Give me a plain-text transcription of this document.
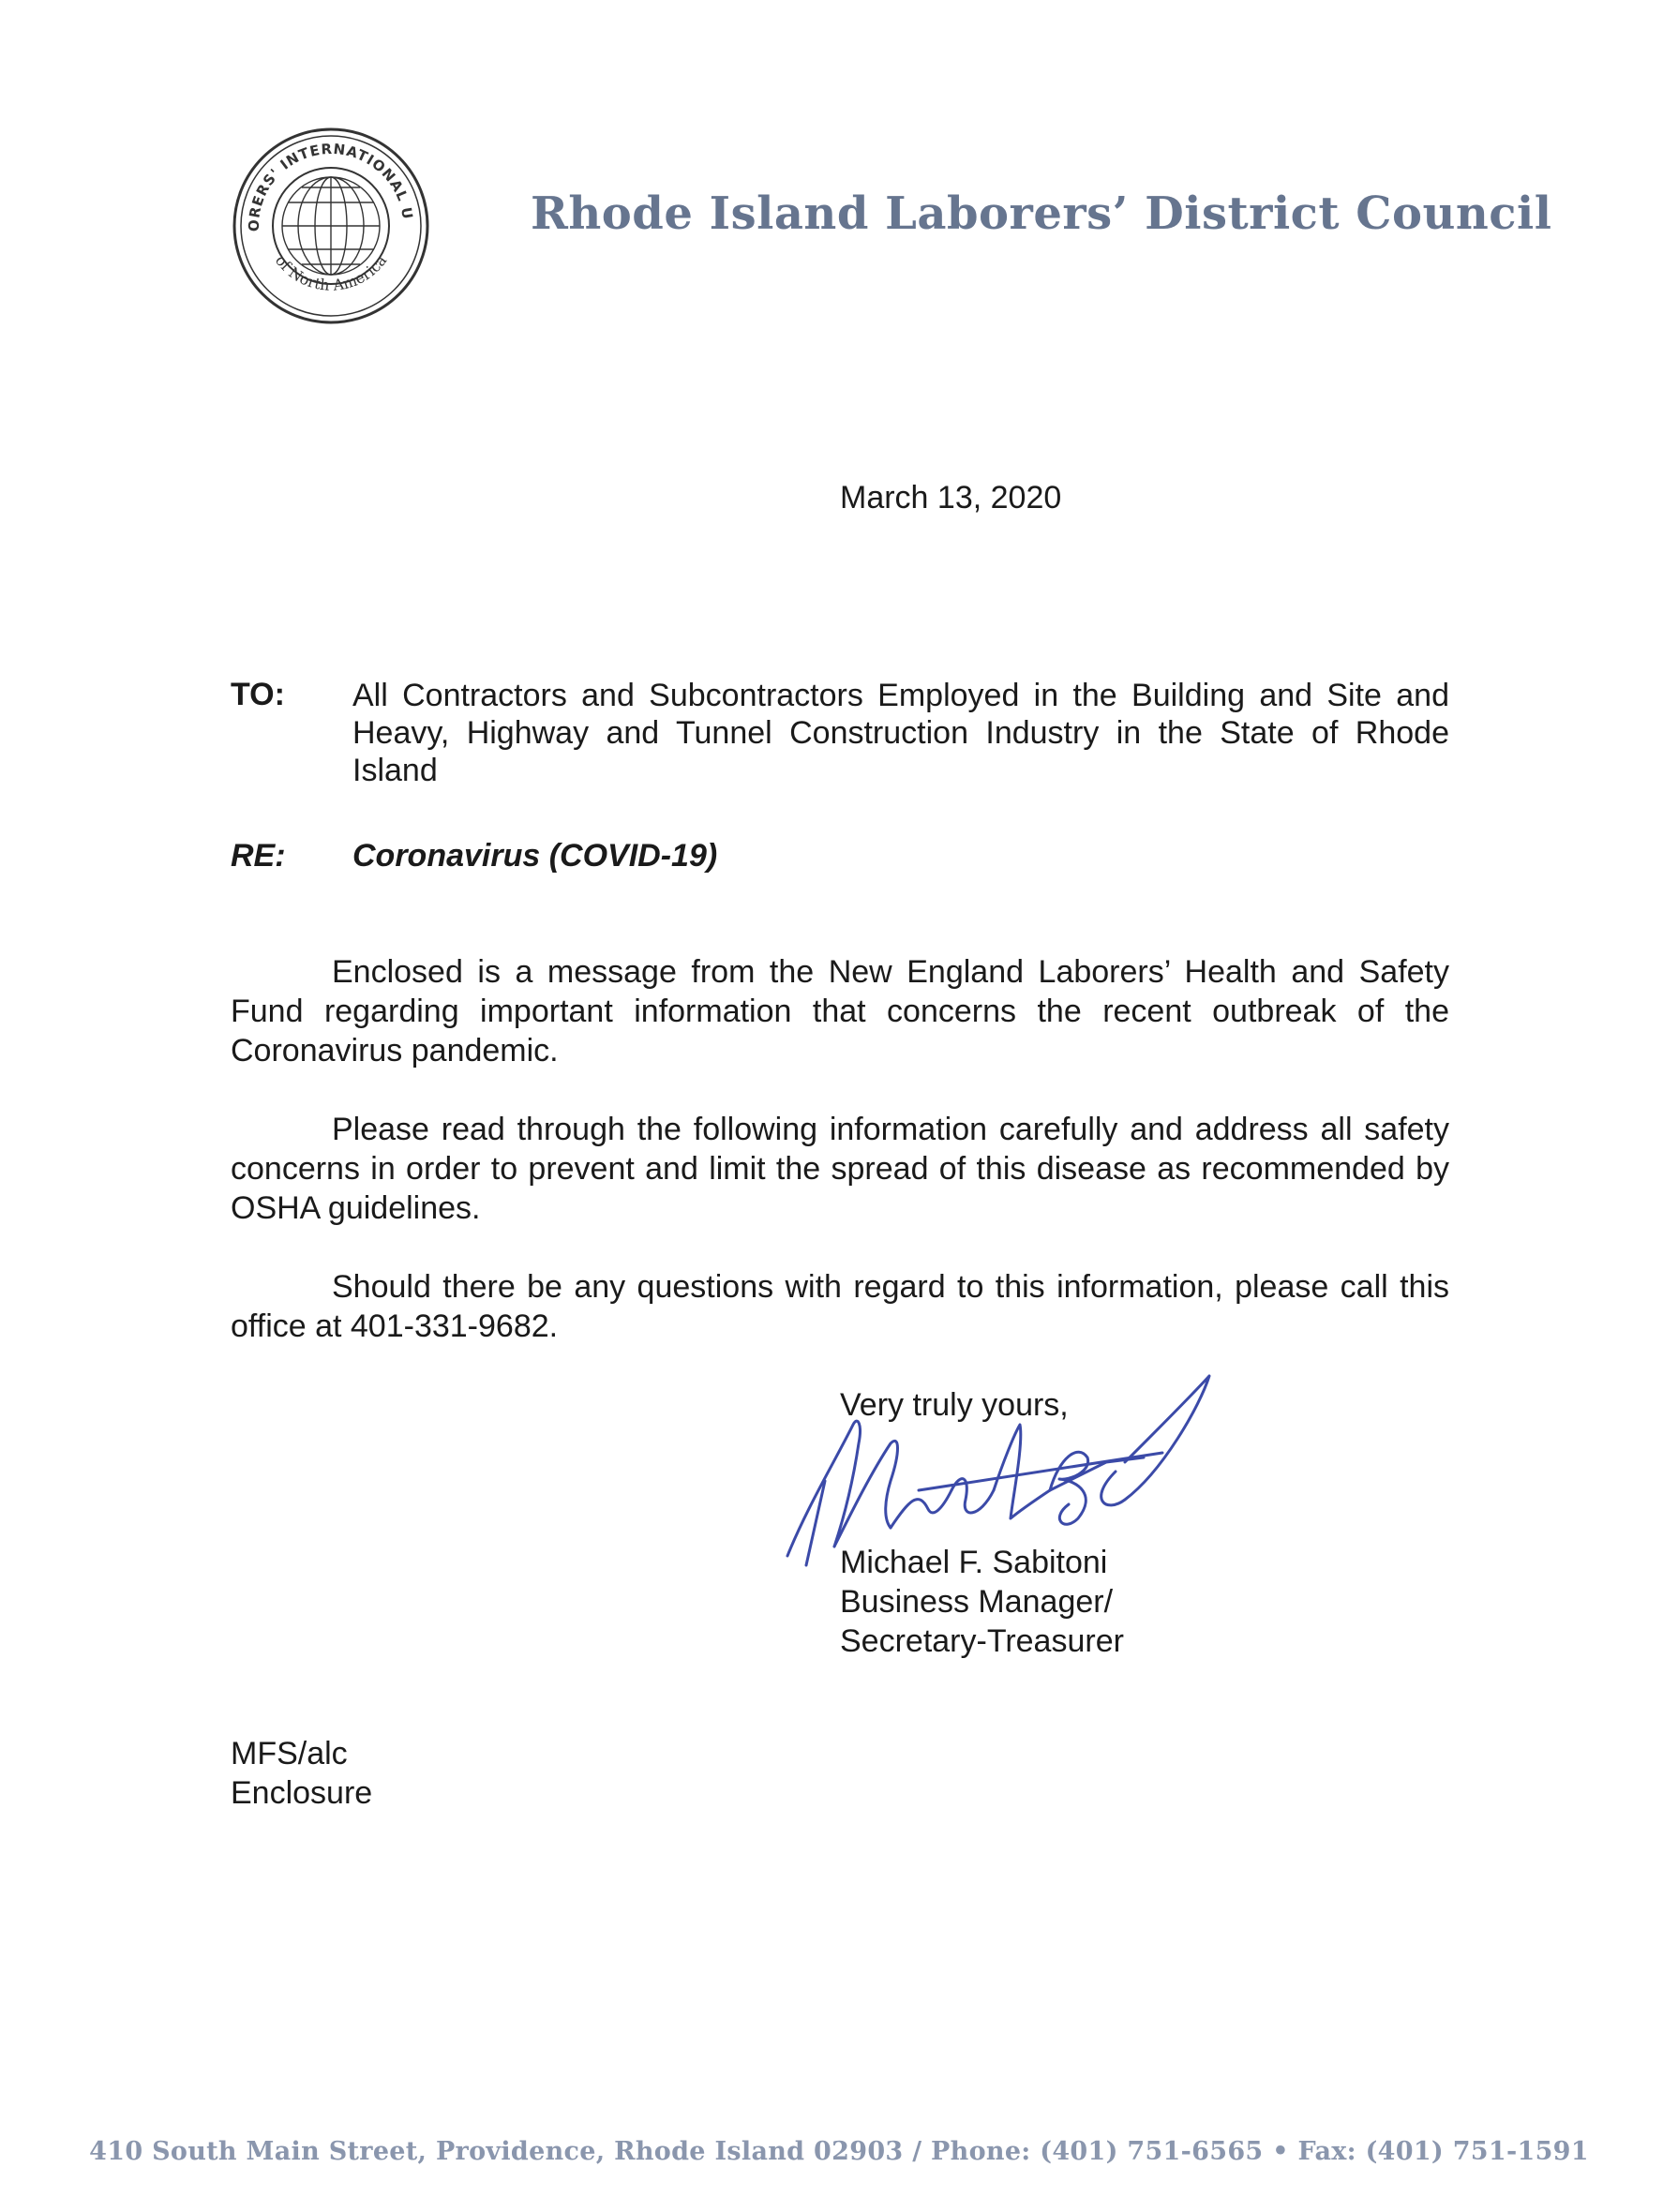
ORERS' INTERNATIONAL U
of North America
Rhode Island Laborers’ District Council
March 13, 2020
TO: All Contractors and Subcontractors Employed in the Building and Site and Heavy, Highway and Tunnel Construction Industry in the State of Rhode Island
RE: Coronavirus (COVID-19)
Enclosed is a message from the New England Laborers’ Health and Safety Fund regarding important information that concerns the recent outbreak of the Coronavirus pandemic.
Please read through the following information carefully and address all safety concerns in order to prevent and limit the spread of this disease as recommended by OSHA guidelines.
Should there be any questions with regard to this information, please call this office at 401-331-9682.
Very truly yours,
Michael F. Sabitoni
Business Manager/
Secretary-Treasurer
MFS/alc
Enclosure
410 South Main Street, Providence, Rhode Island 02903 / Phone: (401) 751-6565 • Fax: (401) 751-1591
